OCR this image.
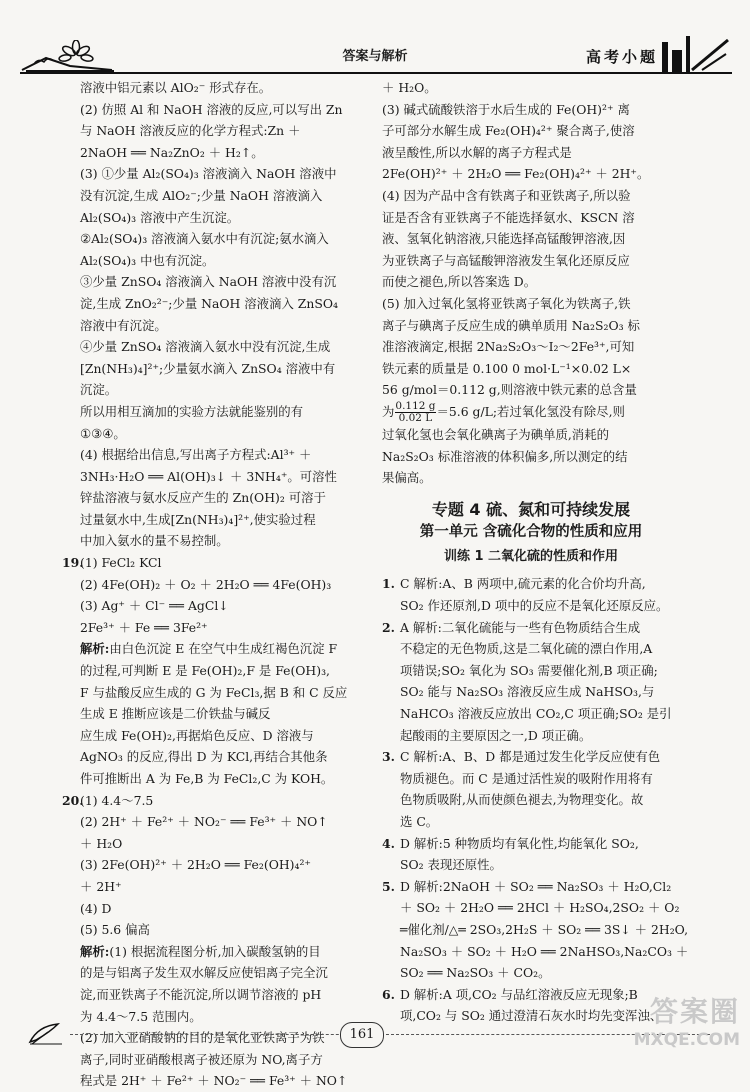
答案与解析	高考小题
溶液中铝元素以 AlO₂⁻ 形式存在。
(2) 仿照 Al 和 NaOH 溶液的反应,可以写出 Zn
与 NaOH 溶液反应的化学方程式:Zn ＋
2NaOH ══ Na₂ZnO₂ ＋ H₂↑。
(3) ①少量 Al₂(SO₄)₃ 溶液滴入 NaOH 溶液中
没有沉淀,生成 AlO₂⁻;少量 NaOH 溶液滴入
Al₂(SO₄)₃ 溶液中产生沉淀。
②Al₂(SO₄)₃ 溶液滴入氨水中有沉淀;氨水滴入
Al₂(SO₄)₃ 中也有沉淀。
③少量 ZnSO₄ 溶液滴入 NaOH 溶液中没有沉
淀,生成 ZnO₂²⁻;少量 NaOH 溶液滴入 ZnSO₄
溶液中有沉淀。
④少量 ZnSO₄ 溶液滴入氨水中没有沉淀,生成
[Zn(NH₃)₄]²⁺;少量氨水滴入 ZnSO₄ 溶液中有
沉淀。
所以用相互滴加的实验方法就能鉴别的有
①③④。
(4) 根据给出信息,写出离子方程式:Al³⁺ ＋
3NH₃·H₂O ══ Al(OH)₃↓ ＋ 3NH₄⁺。可溶性
锌盐溶液与氨水反应产生的 Zn(OH)₂ 可溶于
过量氨水中,生成[Zn(NH₃)₄]²⁺,使实验过程
中加入氨水的量不易控制。
19.(1) FeCl₂ KCl
(2) 4Fe(OH)₂ ＋ O₂ ＋ 2H₂O ══ 4Fe(OH)₃
(3) Ag⁺ ＋ Cl⁻ ══ AgCl↓
2Fe³⁺ ＋ Fe ══ 3Fe²⁺
解析:由白色沉淀 E 在空气中生成红褐色沉淀 F
的过程,可判断 E 是 Fe(OH)₂,F 是 Fe(OH)₃,
F 与盐酸反应生成的 G 为 FeCl₃,据 B 和 C 反应
生成 E 推断应该是二价铁盐与碱反
应生成 Fe(OH)₂,再据焰色反应、D 溶液与
AgNO₃ 的反应,得出 D 为 KCl,再结合其他条
件可推断出 A 为 Fe,B 为 FeCl₂,C 为 KOH。
20.(1) 4.4～7.5
(2) 2H⁺ ＋ Fe²⁺ ＋ NO₂⁻ ══ Fe³⁺ ＋ NO↑
＋ H₂O
(3) 2Fe(OH)²⁺ ＋ 2H₂O ══ Fe₂(OH)₄²⁺
＋ 2H⁺
(4) D
(5) 5.6 偏高
解析:(1) 根据流程图分析,加入碳酸氢钠的目
的是与铝离子发生双水解反应使铝离子完全沉
淀,而亚铁离子不能沉淀,所以调节溶液的 pH
为 4.4～7.5 范围内。
(2) 加入亚硝酸钠的目的是氧化亚铁离子为铁
离子,同时亚硝酸根离子被还原为 NO,离子方
程式是 2H⁺ ＋ Fe²⁺ ＋ NO₂⁻ ══ Fe³⁺ ＋ NO↑
＋ H₂O。
(3) 碱式硫酸铁溶于水后生成的 Fe(OH)²⁺ 离
子可部分水解生成 Fe₂(OH)₄²⁺ 聚合离子,使溶
液呈酸性,所以水解的离子方程式是
2Fe(OH)²⁺ ＋ 2H₂O ══ Fe₂(OH)₄²⁺ ＋ 2H⁺。
(4) 因为产品中含有铁离子和亚铁离子,所以验
证是否含有亚铁离子不能选择氨水、KSCN 溶
液、氢氧化钠溶液,只能选择高锰酸钾溶液,因
为亚铁离子与高锰酸钾溶液发生氧化还原反应
而使之褪色,所以答案选 D。
(5) 加入过氧化氢将亚铁离子氧化为铁离子,铁
离子与碘离子反应生成的碘单质用 Na₂S₂O₃ 标
准溶液滴定,根据 2Na₂S₂O₃～I₂～2Fe³⁺,可知
铁元素的质量是 0.100 0 mol·L⁻¹×0.02 L×
56 g/mol＝0.112 g,则溶液中铁元素的总含量
为 $\frac{0.112 g}{0.02 L} =5.6$ g/L;若过氧化氢没有除尽,则
过氧化氢也会氧化碘离子为碘单质,消耗的
Na₂S₂O₃ 标准溶液的体积偏多,所以测定的结
果偏高。
专题 4 硫、氮和可持续发展
第一单元 含硫化合物的性质和应用
训练 1 二氧化硫的性质和作用
1. C 解析:A、B 两项中,硫元素的化合价均升高,
SO₂ 作还原剂,D 项中的反应不是氧化还原反应。
2. A 解析:二氧化硫能与一些有色物质结合生成
不稳定的无色物质,这是二氧化硫的漂白作用,A
项错误;SO₂ 氧化为 SO₃ 需要催化剂,B 项正确;
SO₂ 能与 Na₂SO₃ 溶液反应生成 NaHSO₃,与
NaHCO₃ 溶液反应放出 CO₂,C 项正确;SO₂ 是引
起酸雨的主要原因之一,D 项正确。
3. C 解析:A、B、D 都是通过发生化学反应使有色
物质褪色。而 C 是通过活性炭的吸附作用将有
色物质吸附,从而使颜色褪去,为物理变化。故
选 C。
4. D 解析:5 种物质均有氧化性,均能氧化 SO₂,
SO₂ 表现还原性。
5. D 解析:2NaOH ＋ SO₂ ══ Na₂SO₃ ＋ H₂O,Cl₂
＋ SO₂ ＋ 2H₂O ══ 2HCl ＋ H₂SO₄,2SO₂ ＋ O₂
═催化剂/△═ 2SO₃,2H₂S ＋ SO₂ ══ 3S↓ ＋ 2H₂O,
Na₂SO₃ ＋ SO₂ ＋ H₂O ══ 2NaHSO₃,Na₂CO₃ ＋
SO₂ ══ Na₂SO₃ ＋ CO₂。
6. D 解析:A 项,CO₂ 与品红溶液反应无现象;B
项,CO₂ 与 SO₂ 通过澄清石灰水时均先变浑浊、
161
答案圈
MXQE.COM
